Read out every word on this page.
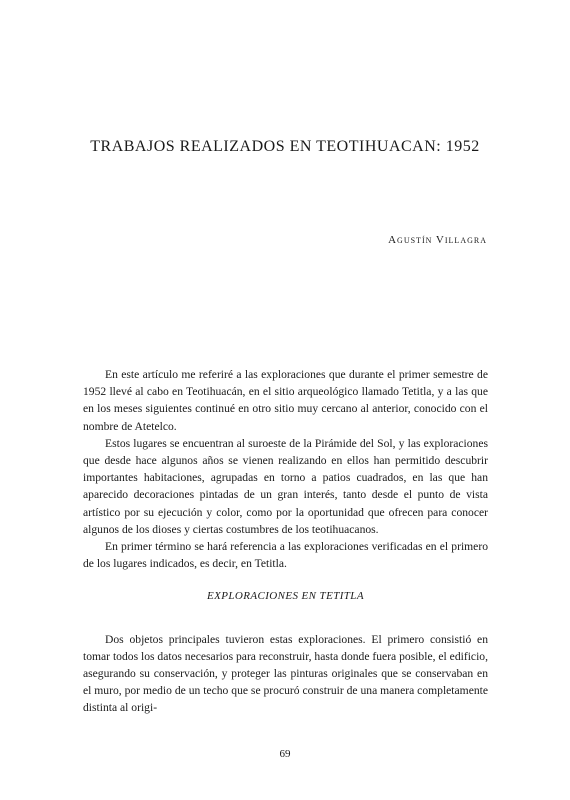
TRABAJOS REALIZADOS EN TEOTIHUACAN: 1952
Agustín Villagra

En este artículo me referiré a las exploraciones que durante el primer semestre de 1952 llevé al cabo en Teotihuacán, en el sitio arqueológico llamado Tetitla, y a las que en los meses siguientes continué en otro sitio muy cercano al anterior, conocido con el nombre de Atetelco.

Estos lugares se encuentran al suroeste de la Pirámide del Sol, y las exploraciones que desde hace algunos años se vienen realizando en ellos han permitido descubrir importantes habitaciones, agrupadas en torno a patios cuadrados, en las que han aparecido decoraciones pintadas de un gran interés, tanto desde el punto de vista artístico por su ejecución y color, como por la oportunidad que ofrecen para conocer algunos de los dioses y ciertas costumbres de los teotihuacanos.

En primer término se hará referencia a las exploraciones verificadas en el primero de los lugares indicados, es decir, en Tetitla.

EXPLORACIONES EN TETITLA

Dos objetos principales tuvieron estas exploraciones. El primero consistió en tomar todos los datos necesarios para reconstruir, hasta donde fuera posible, el edificio, asegurando su conservación, y proteger las pinturas originales que se conservaban en el muro, por medio de un techo que se procuró construir de una manera completamente distinta al origi-

69
